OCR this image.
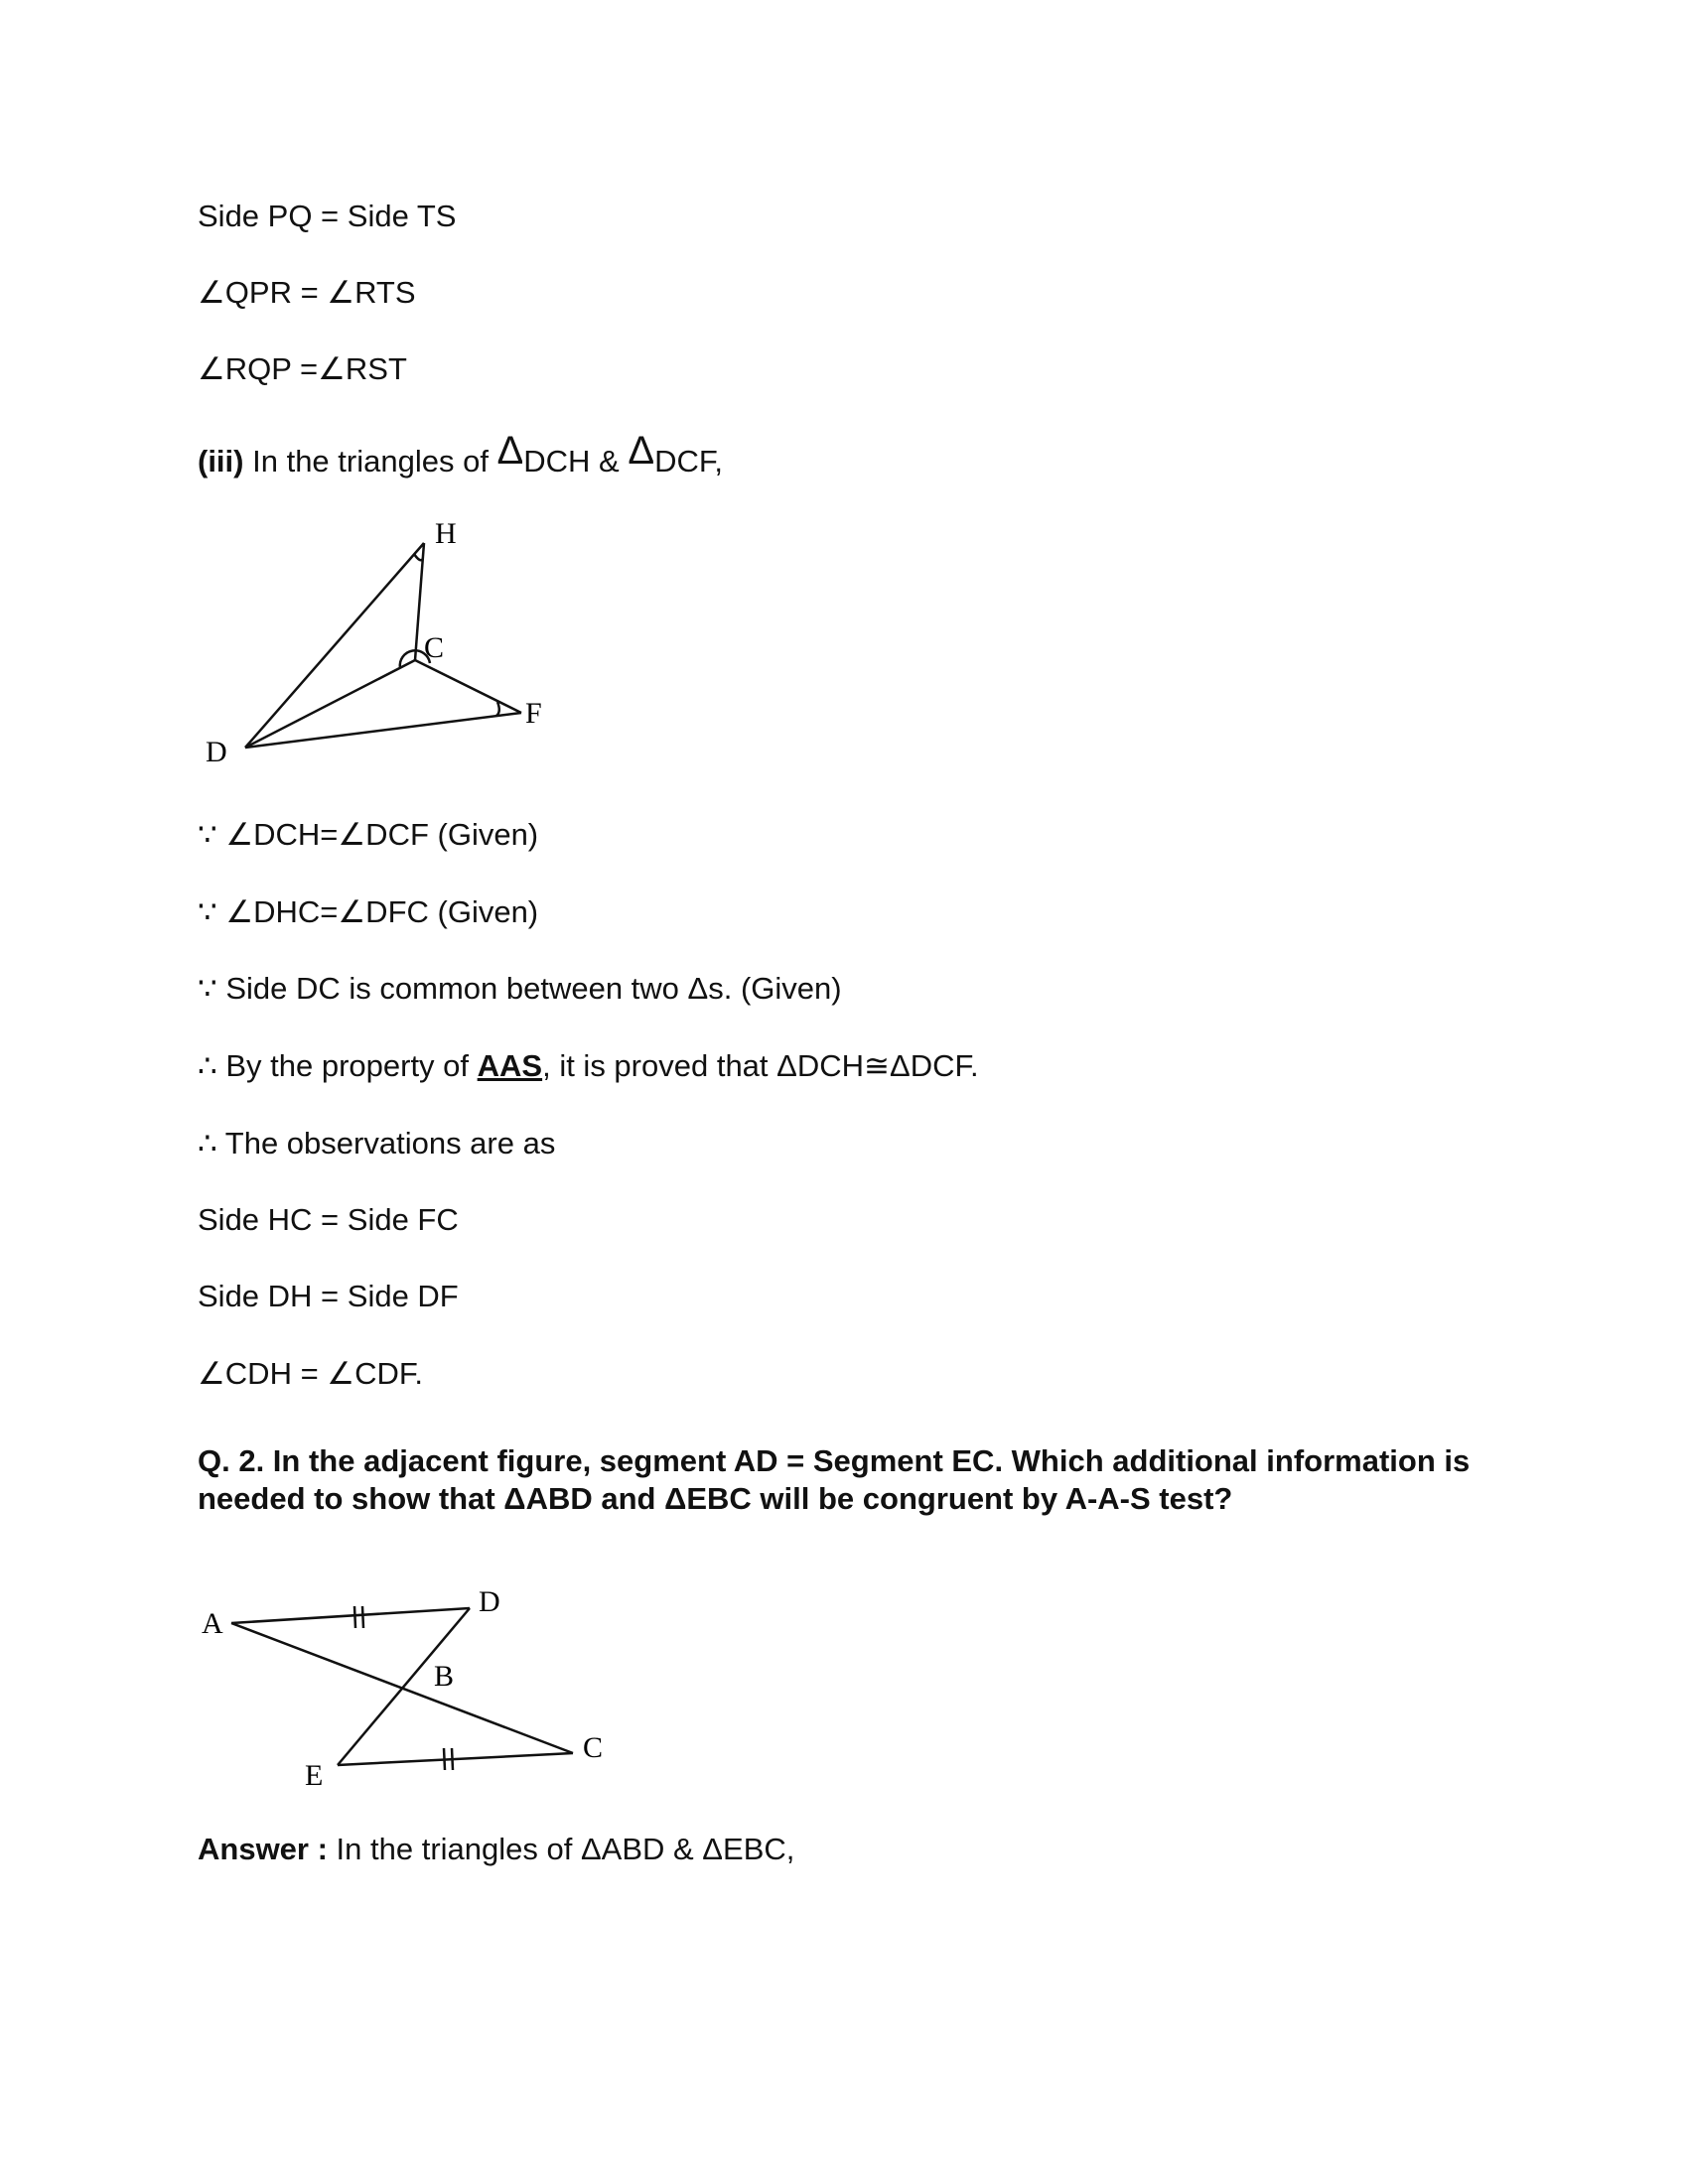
Side PQ = Side TS
∠QPR = ∠RTS
∠RQP =∠RST
(iii) In the triangles of ΔDCH & ΔDCF,
H
C
F
D
∵ ∠DCH=∠DCF (Given)
∵ ∠DHC=∠DFC (Given)
∵ Side DC is common between two Δs. (Given)
∴ By the property of AAS, it is proved that ΔDCH≅ΔDCF.
∴ The observations are as
Side HC = Side FC
Side DH = Side DF
∠CDH = ∠CDF.
Q. 2. In the adjacent figure, segment AD = Segment EC. Which additional information is needed to show that ΔABD and ΔEBC will be congruent by A-A-S test?
A
D
B
E
C
Answer : In the triangles of ΔABD & ΔEBC,
